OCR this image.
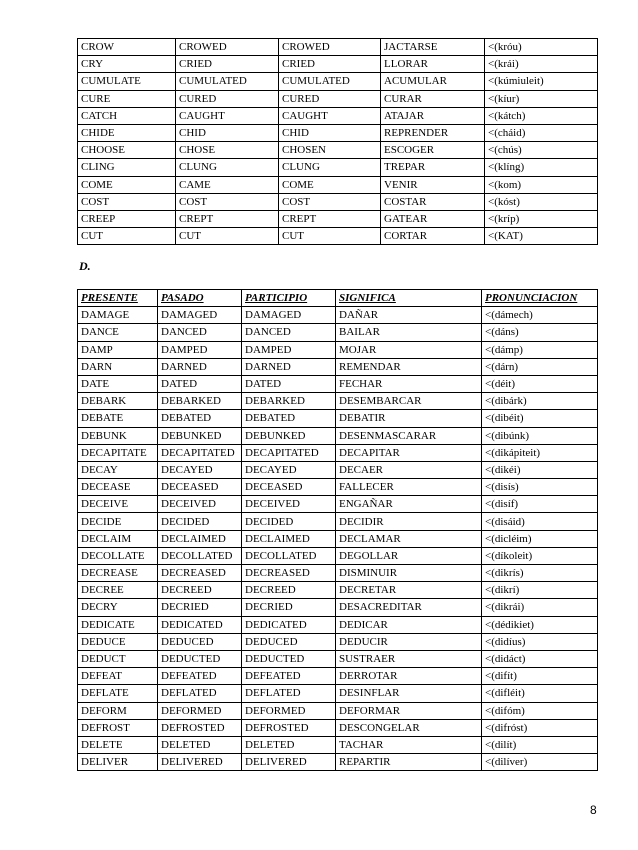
CROW	CROWED	CROWED	JACTARSE	<(króu)
CRY	CRIED	CRIED	LLORAR	<(krái)
CUMULATE	CUMULATED	CUMULATED	ACUMULAR	<(kúmiuleit)
CURE	CURED	CURED	CURAR	<(kíur)
CATCH	CAUGHT	CAUGHT	ATAJAR	<(kátch)
CHIDE	CHID	CHID	REPRENDER	<(cháid)
CHOOSE	CHOSE	CHOSEN	ESCOGER	<(chús)
CLING	CLUNG	CLUNG	TREPAR	<(klíng)
COME	CAME	COME	VENIR	<(kom)
COST	COST	COST	COSTAR	<(kóst)
CREEP	CREPT	CREPT	GATEAR	<(kríp)
CUT	CUT	CUT	CORTAR	<(KAT)
D.
PRESENTE	PASADO	PARTICIPIO	SIGNIFICA	PRONUNCIACION
DAMAGE	DAMAGED	DAMAGED	DAÑAR	<(dámech)
DANCE	DANCED	DANCED	BAILAR	<(dáns)
DAMP	DAMPED	DAMPED	MOJAR	<(dámp)
DARN	DARNED	DARNED	REMENDAR	<(dárn)
DATE	DATED	DATED	FECHAR	<(déit)
DEBARK	DEBARKED	DEBARKED	DESEMBARCAR	<(dibárk)
DEBATE	DEBATED	DEBATED	DEBATIR	<(dibéit)
DEBUNK	DEBUNKED	DEBUNKED	DESENMASCARAR	<(dibúnk)
DECAPITATE	DECAPITATED	DECAPITATED	DECAPITAR	<(dikápiteit)
DECAY	DECAYED	DECAYED	DECAER	<(dikéi)
DECEASE	DECEASED	DECEASED	FALLECER	<(disís)
DECEIVE	DECEIVED	DECEIVED	ENGAÑAR	<(disíf)
DECIDE	DECIDED	DECIDED	DECIDIR	<(disáid)
DECLAIM	DECLAIMED	DECLAIMED	DECLAMAR	<(dicléim)
DECOLLATE	DECOLLATED	DECOLLATED	DEGOLLAR	<(díkoleit)
DECREASE	DECREASED	DECREASED	DISMINUIR	<(dikrís)
DECREE	DECREED	DECREED	DECRETAR	<(dikrí)
DECRY	DECRIED	DECRIED	DESACREDITAR	<(dikrái)
DEDICATE	DEDICATED	DEDICATED	DEDICAR	<(dédikiet)
DEDUCE	DEDUCED	DEDUCED	DEDUCIR	<(didíus)
DEDUCT	DEDUCTED	DEDUCTED	SUSTRAER	<(didáct)
DEFEAT	DEFEATED	DEFEATED	DERROTAR	<(difít)
DEFLATE	DEFLATED	DEFLATED	DESINFLAR	<(difléit)
DEFORM	DEFORMED	DEFORMED	DEFORMAR	<(difóm)
DEFROST	DEFROSTED	DEFROSTED	DESCONGELAR	<(difróst)
DELETE	DELETED	DELETED	TACHAR	<(dilít)
DELIVER	DELIVERED	DELIVERED	REPARTIR	<(dilíver)
8
